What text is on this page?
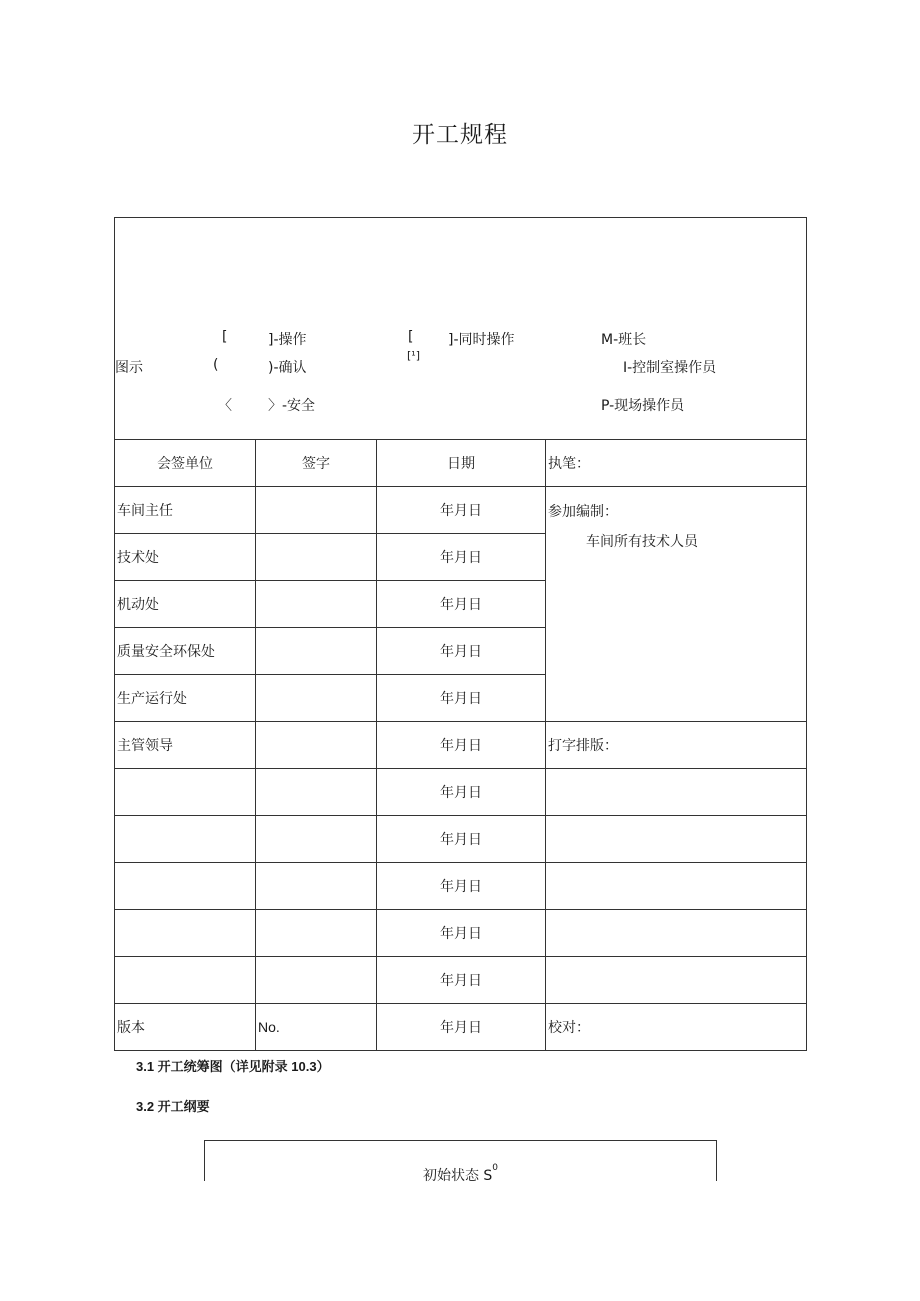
开工规程
[	]-操作
图示	(	)-确认
〈	〉-安全
[ ]-同时操作
[¹]
M-班长
I-控制室操作员
P-现场操作员
会签单位	签字	日期	执笔：
车间主任		年月日	参加编制：
车间所有技术人员

技术处		年月日	
机动处		年月日	
质量安全环保处		年月日	
生产运行处		年月日	
主管领导		年月日	打字排版：
		年月日	
		年月日	
		年月日	
		年月日	
		年月日	
版本	No.	年月日	校对：
3.1 开工统筹图（详见附录 10.3）
3.2 开工纲要
初始状态 $S_0$
